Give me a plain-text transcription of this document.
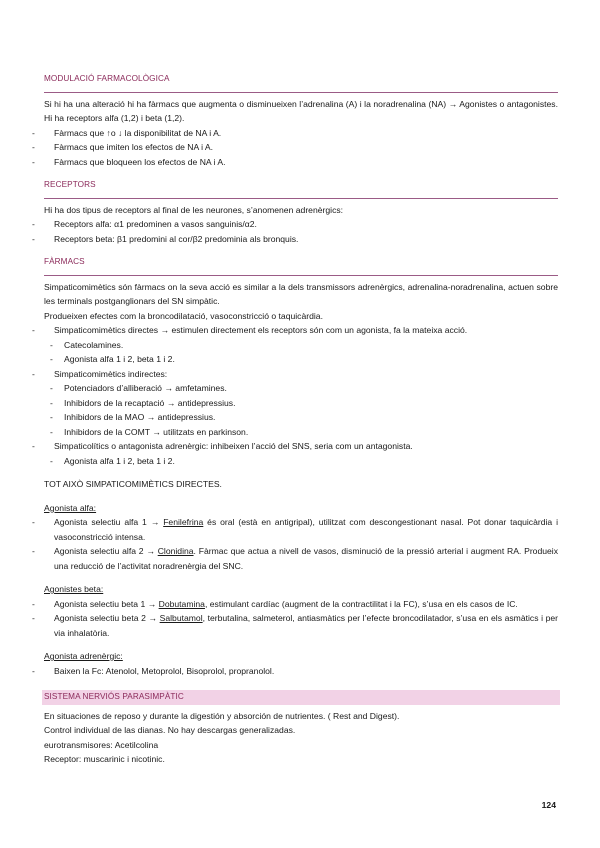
MODULACIÓ FARMACOLÒGICA
Si hi ha una alteració hi ha fàrmacs que augmenta o disminueixen l’adrenalina (A) i la noradrenalina (NA) → Agonistes o antagonistes. Hi ha receptors alfa (1,2) i beta (1,2).
- Fàrmacs que ↑o ↓ la disponibilitat de NA i A.
- Fàrmacs que imiten los efectos de NA i A.
- Fàrmacs que bloqueen los efectos de NA i A.
RECEPTORS
Hi ha dos tipus de receptors al final de les neurones, s’anomenen adrenèrgics:
- Receptors alfa: α1 predominen a vasos sanguinis/α2.
- Receptors beta: β1 predomini al cor/β2 predominia als bronquis.
FÀRMACS
Simpaticomimètics són fàrmacs on la seva acció es similar a la dels transmissors adrenèrgics, adrenalina-noradrenalina, actuen sobre les terminals postganglionars del SN simpàtic.
Produeixen efectes com la broncodilatació, vasoconstricció o taquicàrdia.
- Simpaticomimètics directes → estimulen directement els receptors són com un agonista, fa la mateixa acció.
- Catecolamines.
- Agonista alfa 1 i 2, beta 1 i 2.
- Simpaticomimètics indirectes:
- Potenciadors d’alliberació → amfetamines.
- Inhibidors de la recaptació → antidepressius.
- Inhibidors de la MAO → antidepressius.
- Inhibidors de la COMT → utilitzats en parkinson.
- Simpaticolítics o antagonista adrenèrgic: inhibeixen l’acció del SNS, seria com un antagonista.
- Agonista alfa 1 i 2, beta 1 i 2.
TOT AIXÒ SIMPATICOMIMÈTICS DIRECTES.
Agonista alfa:
- Agonista selectiu alfa 1 → Fenilefrina és oral (està en antigripal), utilitzat com descongestionant nasal. Pot donar taquicàrdia i vasoconstricció intensa.
- Agonista selectiu alfa 2 → Clonidina. Fàrmac que actua a nivell de vasos, disminució de la pressió arterial i augment RA. Produeix una reducció de l’activitat noradrenèrgia del SNC.
Agonistes beta:
- Agonista selectiu beta 1 → Dobutamina, estimulant cardíac (augment de la contractilitat i la FC), s’usa en els casos de IC.
- Agonista selectiu beta 2 → Salbutamol, terbutalina, salmeterol, antiasmàtics per l’efecte broncodilatador, s’usa en els asmàtics i per via inhalatòria.
Agonista adrenèrgic:
- Baixen la Fc: Atenolol, Metoprolol, Bisoprolol, propranolol.
SISTEMA NERVIÓS PARASIMPÀTIC
En situaciones de reposo y durante la digestión y absorción de nutrientes. ( Rest and Digest).
Control individual de las dianas. No hay descargas generalizadas.
eurotransmisores: Acetilcolina
Receptor: muscarinic i nicotinic.
124
